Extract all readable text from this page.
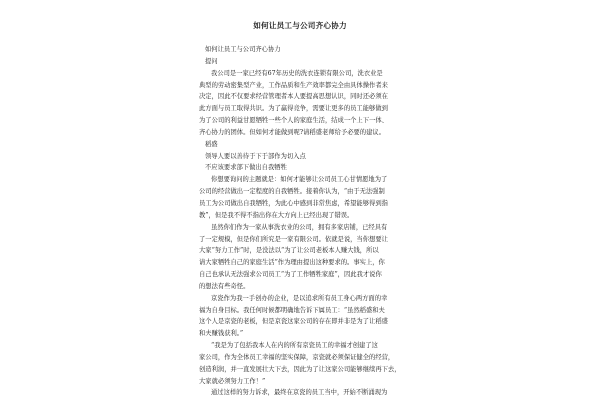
如何让员工与公司齐心协力
如何让员工与公司齐心协力
提问
我公司是一家已经有67年历史的洗衣连锁有限公司，洗衣业是
典型的劳动密集型产业，工作品质和生产效率都完全由具体操作者来
决定，因此不仅要求经营管理者本人要提高思想认识，同时还必须在
此方面与员工取得共识。为了赢得竞争，需要让更多的员工能够做到
为了公司的利益甘愿牺牲一些个人的家庭生活，结成一个上下一体、
齐心协力的团体。但如何才能做到呢?请稻盛老师给予必要的建议。
稻盛
领导人要以善待于下于部作为切入点
不应该要求部下做出自我牺牲
你想要询问的主题就是：如何才能够让公司员工心甘情愿地为了
公司的经营做出一定程度的自我牺牲。接着你认为，“由于无法强制
员工为公司做出自我牺牲，为此心中感到非常焦虑，希望能够得到指
教”，但是我不得不指出你在大方向上已经出现了错误。
虽然你们作为一家从事洗衣业的公司，拥有多家店铺，已经具有
了一定规模，但是你们所究是一家有限公司。依就是说，当你想要让
大家“努力工作”时，是没法以“为了让公司老板本人赚大钱，所以
请大家牺牲自己的家庭生活”作为理由提出这种要求的。事实上，你
自己也承认无法强求公司员工“为了工作牺牲家庭”，因此我才说你
的想法有些奇怪。
京瓷作为我一手创办的企业，是以追求所有员工身心两方面的幸
福为自身目标。我任何时候都明确地告诉下属员工：“虽然稻盛和夫
这个人是京瓷的老板，但是京瓷这家公司的存在即并非是为了让稻盛
和夫赚钱获利。”
“我是为了包括我本人在内的所有京瓷员工的幸福才创建了这
家公司，作为全体员工幸福的坚实保障，京瓷就必须保证健全的经营，
创造利润，并一直发展壮大下去，因此为了让这家公司能够继续再下去，
大家就必须努力工作！”
通过这样的努力诉求，最终在京瓷的员工当中，开始不断涌现为
